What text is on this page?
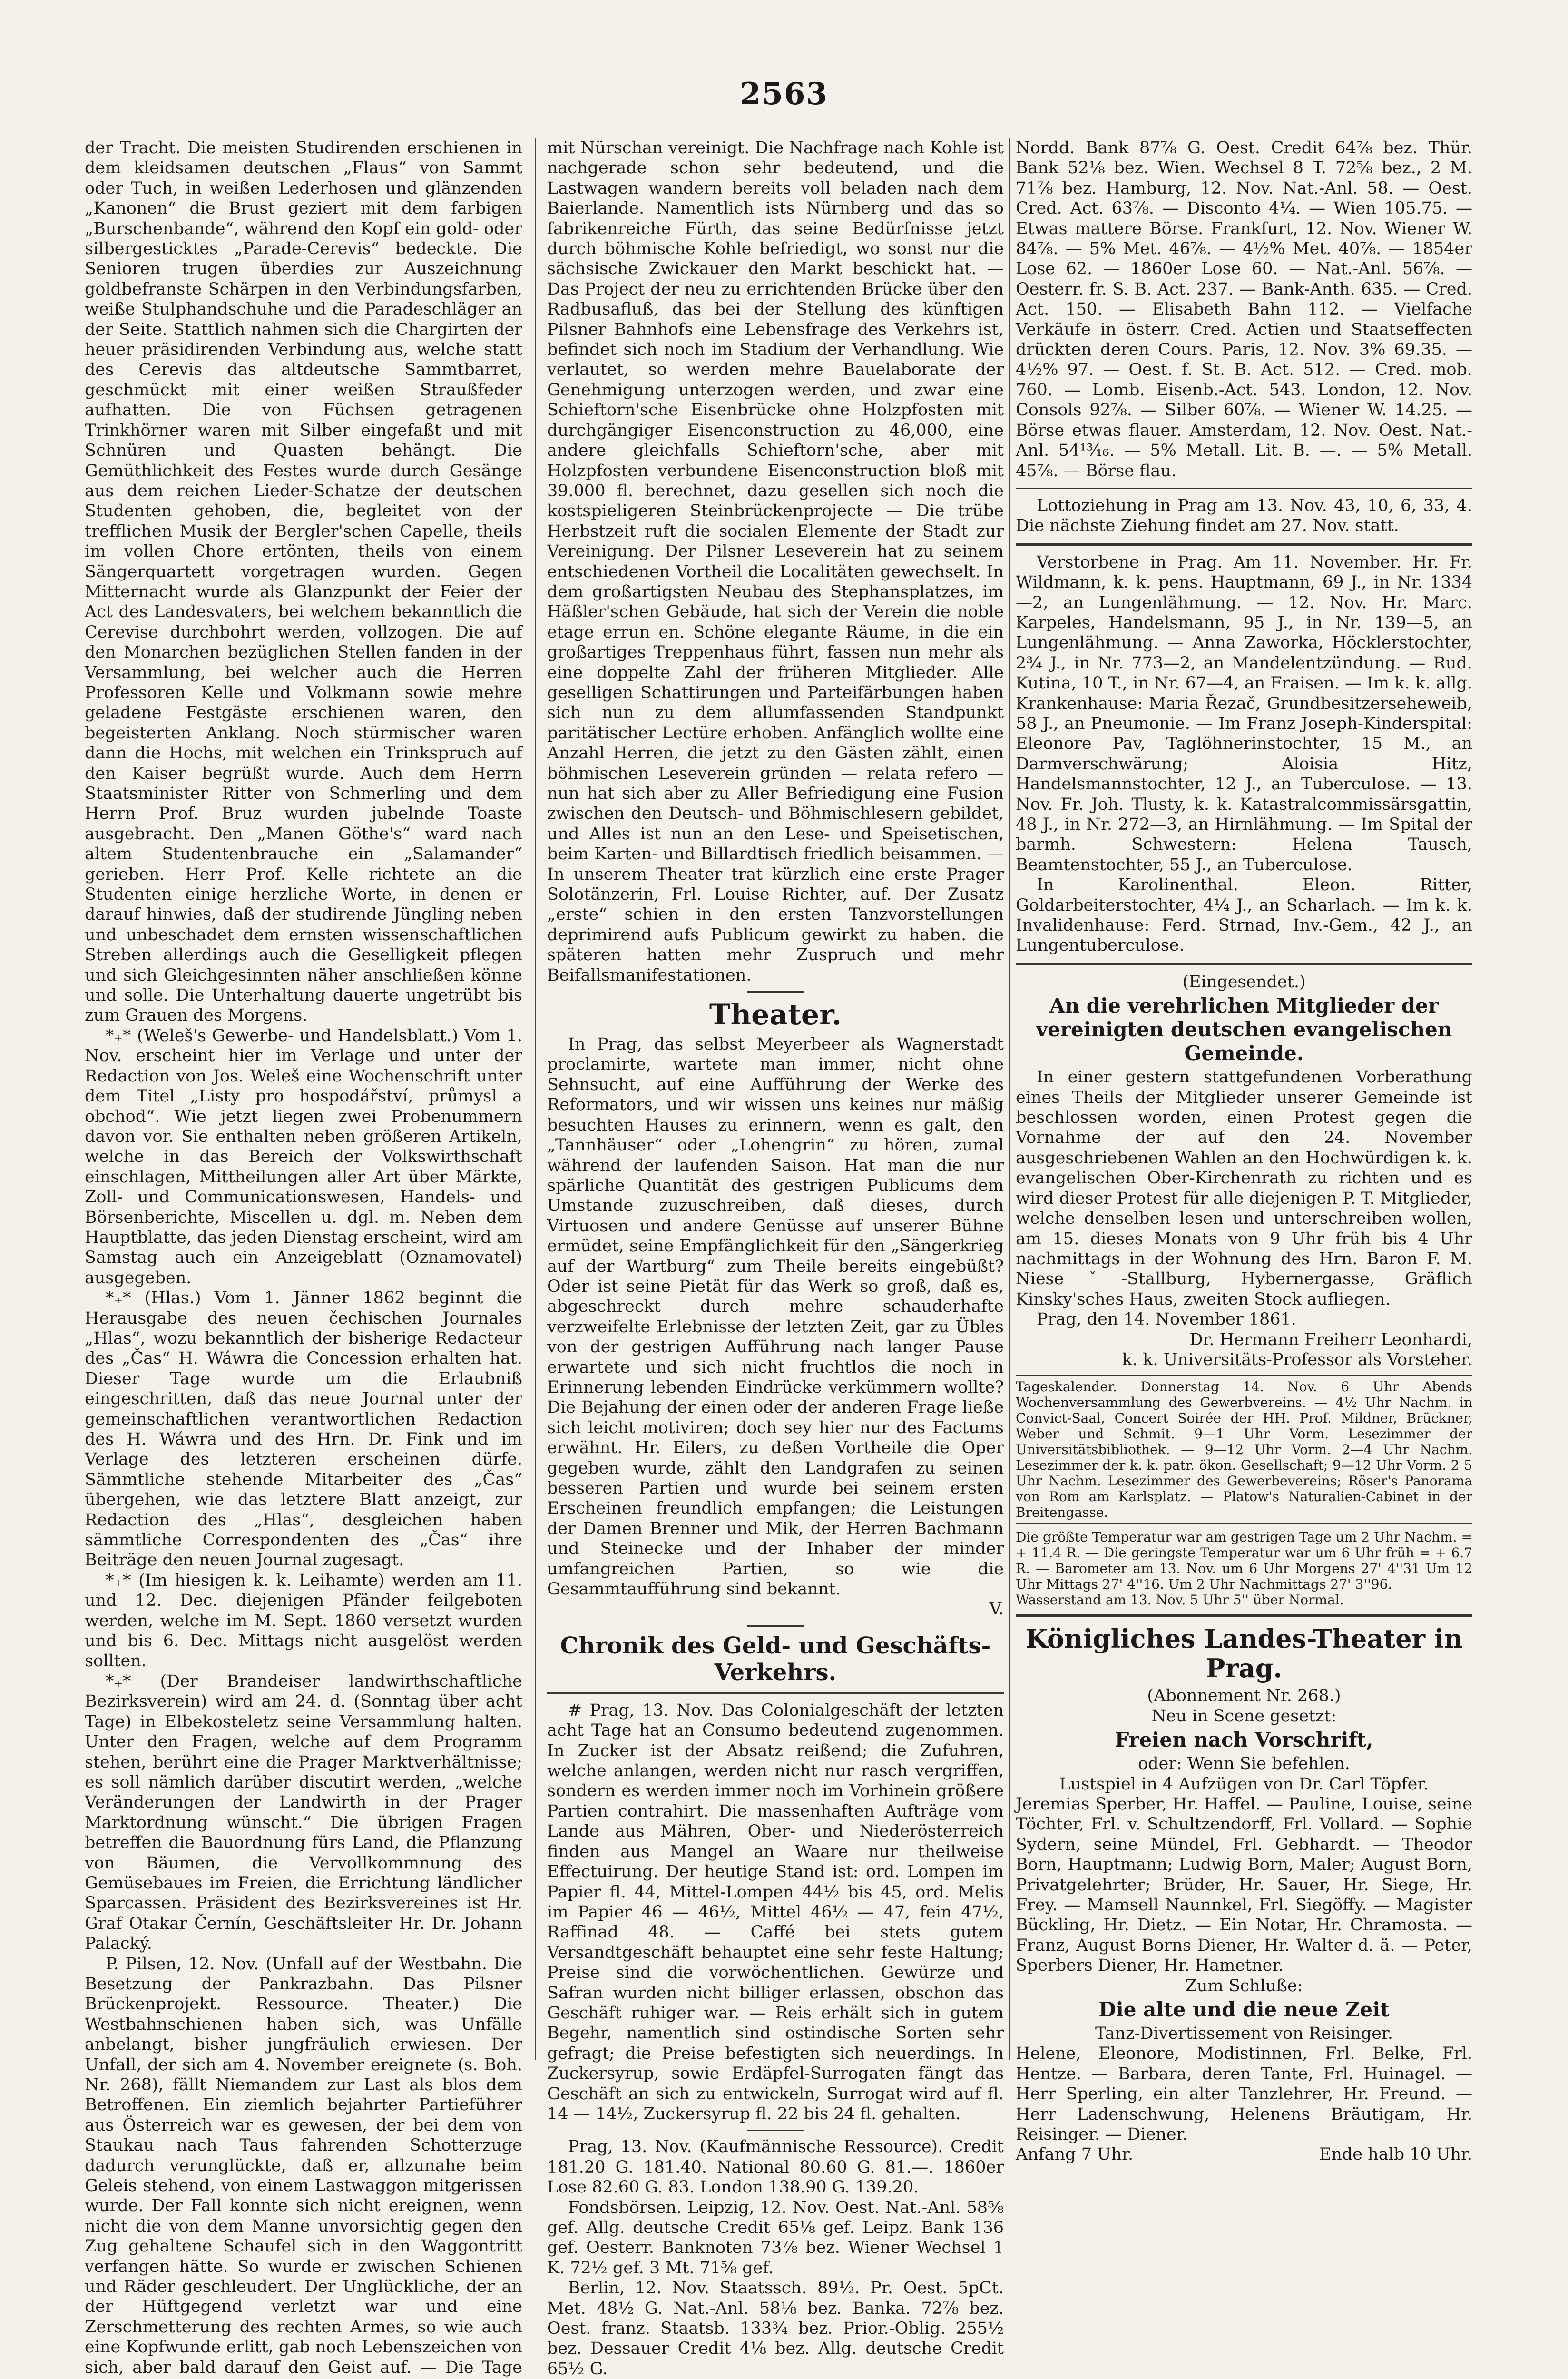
2563

der Tracht. Die meisten Studirenden erschienen in dem kleidsamen deutschen „Flaus“ von Sammt oder Tuch, in weißen Lederhosen und glänzenden „Kanonen“ die Brust geziert mit dem farbigen „Burschenbande“, während den Kopf ein gold- oder silbergesticktes „Parade-Cerevis“ bedeckte. Die Senioren trugen überdies zur Auszeichnung goldbefranste Schärpen in den Verbindungsfarben, weiße Stulphandschuhe und die Paradeschläger an der Seite. Stattlich nahmen sich die Chargirten der heuer präsidirenden Verbindung aus, welche statt des Cerevis das altdeutsche Sammtbarret, geschmückt mit einer weißen Straußfeder aufhatten. Die von Füchsen getragenen Trinkhörner waren mit Silber eingefaßt und mit Schnüren und Quasten behängt. Die Gemüthlichkeit des Festes wurde durch Gesänge aus dem reichen Lieder-Schatze der deutschen Studenten gehoben, die, begleitet von der trefflichen Musik der Bergler'schen Capelle, theils im vollen Chore ertönten, theils von einem Sängerquartett vorgetragen wurden. Gegen Mitternacht wurde als Glanzpunkt der Feier der Act des Landesvaters, bei welchem bekanntlich die Cerevise durchbohrt werden, vollzogen. Die auf den Monarchen bezüglichen Stellen fanden in der Versammlung, bei welcher auch die Herren Professoren Kelle und Volkmann sowie mehre geladene Festgäste erschienen waren, den begeisterten Anklang. Noch stürmischer waren dann die Hochs, mit welchen ein Trinkspruch auf den Kaiser begrüßt wurde. Auch dem Herrn Staatsminister Ritter von Schmerling und dem Herrn Prof. Bruz wurden jubelnde Toaste ausgebracht. Den „Manen Göthe's“ ward nach altem Studentenbrauche ein „Salamander“ gerieben. Herr Prof. Kelle richtete an die Studenten einige herzliche Worte, in denen er darauf hinwies, daß der studirende Jüngling neben und unbeschadet dem ernsten wissenschaftlichen Streben allerdings auch die Geselligkeit pflegen und sich Gleichgesinnten näher anschließen könne und solle. Die Unterhaltung dauerte ungetrübt bis zum Grauen des Morgens.

*₊* (Weleš's Gewerbe- und Handelsblatt.) Vom 1. Nov. erscheint hier im Verlage und unter der Redaction von Jos. Weleš eine Wochenschrift unter dem Titel „Listy pro hospodářství, průmysl a obchod“. Wie jetzt liegen zwei Probenummern davon vor. Sie enthalten neben größeren Artikeln, welche in das Bereich der Volkswirthschaft einschlagen, Mittheilungen aller Art über Märkte, Zoll- und Communicationswesen, Handels- und Börsenberichte, Miscellen u. dgl. m. Neben dem Hauptblatte, das jeden Dienstag erscheint, wird am Samstag auch ein Anzeigeblatt (Oznamovatel) ausgegeben.

*₊* (Hlas.) Vom 1. Jänner 1862 beginnt die Herausgabe des neuen čechischen Journales „Hlas“, wozu bekanntlich der bisherige Redacteur des „Čas“ H. Wáwra die Concession erhalten hat. Dieser Tage wurde um die Erlaubniß eingeschritten, daß das neue Journal unter der gemeinschaftlichen verantwortlichen Redaction des H. Wáwra und des Hrn. Dr. Fink und im Verlage des letzteren erscheinen dürfe. Sämmtliche stehende Mitarbeiter des „Čas“ übergehen, wie das letztere Blatt anzeigt, zur Redaction des „Hlas“, desgleichen haben sämmtliche Correspondenten des „Čas“ ihre Beiträge den neuen Journal zugesagt.

*₊* (Im hiesigen k. k. Leihamte) werden am 11. und 12. Dec. diejenigen Pfänder feilgeboten werden, welche im M. Sept. 1860 versetzt wurden und bis 6. Dec. Mittags nicht ausgelöst werden sollten.

*₊* (Der Brandeiser landwirthschaftliche Bezirksverein) wird am 24. d. (Sonntag über acht Tage) in Elbekosteletz seine Versammlung halten. Unter den Fragen, welche auf dem Programm stehen, berührt eine die Prager Marktverhältnisse; es soll nämlich darüber discutirt werden, „welche Veränderungen der Landwirth in der Prager Marktordnung wünscht.“ Die übrigen Fragen betreffen die Bauordnung fürs Land, die Pflanzung von Bäumen, die Vervollkommnung des Gemüsebaues im Freien, die Errichtung ländlicher Sparcassen. Präsident des Bezirksvereines ist Hr. Graf Otakar Černín, Geschäftsleiter Hr. Dr. Johann Palacký.

P. Pilsen, 12. Nov. (Unfall auf der Westbahn. Die Besetzung der Pankrazbahn. Das Pilsner Brückenprojekt. Ressource. Theater.) Die Westbahnschienen haben sich, was Unfälle anbelangt, bisher jungfräulich erwiesen. Der Unfall, der sich am 4. November ereignete (s. Boh. Nr. 268), fällt Niemandem zur Last als blos dem Betroffenen. Ein ziemlich bejahrter Partieführer aus Österreich war es gewesen, der bei dem von Staukau nach Taus fahrenden Schotterzuge dadurch verunglückte, daß er, allzunahe beim Geleis stehend, von einem Lastwaggon mitgerissen wurde. Der Fall konnte sich nicht ereignen, wenn nicht die von dem Manne unvorsichtig gegen den Zug gehaltene Schaufel sich in den Waggontritt verfangen hätte. So wurde er zwischen Schienen und Räder geschleudert. Der Unglückliche, der an der Hüftgegend verletzt war und eine Zerschmetterung des rechten Armes, so wie auch eine Kopfwunde erlitt, gab noch Lebenszeichen von sich, aber bald darauf den Geist auf. — Die Tage

mit Nürschan vereinigt. Die Nachfrage nach Kohle ist nachgerade schon sehr bedeutend, und die Lastwagen wandern bereits voll beladen nach dem Baierlande. Namentlich ists Nürnberg und das so fabrikenreiche Fürth, das seine Bedürfnisse jetzt durch böhmische Kohle befriedigt, wo sonst nur die sächsische Zwickauer den Markt beschickt hat. — Das Project der neu zu errichtenden Brücke über den Radbusafluß, das bei der Stellung des künftigen Pilsner Bahnhofs eine Lebensfrage des Verkehrs ist, befindet sich noch im Stadium der Verhandlung. Wie verlautet, so werden mehre Bauelaborate der Genehmigung unterzogen werden, und zwar eine Schieftorn'sche Eisenbrücke ohne Holzpfosten mit durchgängiger Eisenconstruction zu 46,000, eine andere gleichfalls Schieftorn'sche, aber mit Holzpfosten verbundene Eisenconstruction bloß mit 39.000 fl. berechnet, dazu gesellen sich noch die kostspieligeren Steinbrückenprojecte — Die trübe Herbstzeit ruft die socialen Elemente der Stadt zur Vereinigung. Der Pilsner Leseverein hat zu seinem entschiedenen Vortheil die Localitäten gewechselt. In dem großartigsten Neubau des Stephansplatzes, im Häßler'schen Gebäude, hat sich der Verein die noble etage errun en. Schöne elegante Räume, in die ein großartiges Treppenhaus führt, fassen nun mehr als eine doppelte Zahl der früheren Mitglieder. Alle geselligen Schattirungen und Parteifärbungen haben sich nun zu dem allumfassenden Standpunkt paritätischer Lectüre erhoben. Anfänglich wollte eine Anzahl Herren, die jetzt zu den Gästen zählt, einen böhmischen Leseverein gründen — relata refero — nun hat sich aber zu Aller Befriedigung eine Fusion zwischen den Deutsch- und Böhmischlesern gebildet, und Alles ist nun an den Lese- und Speisetischen, beim Karten- und Billardtisch friedlich beisammen. — In unserem Theater trat kürzlich eine erste Prager Solotänzerin, Frl. Louise Richter, auf. Der Zusatz „erste“ schien in den ersten Tanzvorstellungen deprimirend aufs Publicum gewirkt zu haben. die späteren hatten mehr Zuspruch und mehr Beifallsmanifestationen.

Theater.

In Prag, das selbst Meyerbeer als Wagnerstadt proclamirte, wartete man immer, nicht ohne Sehnsucht, auf eine Aufführung der Werke des Reformators, und wir wissen uns keines nur mäßig besuchten Hauses zu erinnern, wenn es galt, den „Tannhäuser“ oder „Lohengrin“ zu hören, zumal während der laufenden Saison. Hat man die nur spärliche Quantität des gestrigen Publicums dem Umstande zuzuschreiben, daß dieses, durch Virtuosen und andere Genüsse auf unserer Bühne ermüdet, seine Empfänglichkeit für den „Sängerkrieg auf der Wartburg“ zum Theile bereits eingebüßt? Oder ist seine Pietät für das Werk so groß, daß es, abgeschreckt durch mehre schauderhafte verzweifelte Erlebnisse der letzten Zeit, gar zu Übles von der gestrigen Aufführung nach langer Pause erwartete und sich nicht fruchtlos die noch in Erinnerung lebenden Eindrücke verkümmern wollte? Die Bejahung der einen oder der anderen Frage ließe sich leicht motiviren; doch sey hier nur des Factums erwähnt. Hr. Eilers, zu deßen Vortheile die Oper gegeben wurde, zählt den Landgrafen zu seinen besseren Partien und wurde bei seinem ersten Erscheinen freundlich empfangen; die Leistungen der Damen Brenner und Mik, der Herren Bachmann und Steinecke und der Inhaber der minder umfangreichen Partien, so wie die Gesammtaufführung sind bekannt.

V.

Chronik des Geld- und Geschäfts-Verkehrs.

# Prag, 13. Nov. Das Colonialgeschäft der letzten acht Tage hat an Consumo bedeutend zugenommen. In Zucker ist der Absatz reißend; die Zufuhren, welche anlangen, werden nicht nur rasch vergriffen, sondern es werden immer noch im Vorhinein größere Partien contrahirt. Die massenhaften Aufträge vom Lande aus Mähren, Ober- und Niederösterreich finden aus Mangel an Waare nur theilweise Effectuirung. Der heutige Stand ist: ord. Lompen im Papier fl. 44, Mittel-Lompen 44½ bis 45, ord. Melis im Papier 46 — 46½, Mittel 46½ — 47, fein 47½, Raffinad 48. — Caffé bei stets gutem Versandtgeschäft behauptet eine sehr feste Haltung; Preise sind die vorwöchentlichen. Gewürze und Safran wurden nicht billiger erlassen, obschon das Geschäft ruhiger war. — Reis erhält sich in gutem Begehr, namentlich sind ostindische Sorten sehr gefragt; die Preise befestigten sich neuerdings. In Zuckersyrup, sowie Erdäpfel-Surrogaten fängt das Geschäft an sich zu entwickeln, Surrogat wird auf fl. 14 — 14½, Zuckersyrup fl. 22 bis 24 fl. gehalten.

Prag, 13. Nov. (Kaufmännische Ressource). Credit 181.20 G. 181.40. National 80.60 G. 81.—. 1860er Lose 82.60 G. 83. London 138.90 G. 139.20.

Fondsbörsen. Leipzig, 12. Nov. Oest. Nat.-Anl. 58⅝ gef. Allg. deutsche Credit 65⅛ gef. Leipz. Bank 136 gef. Oesterr. Banknoten 73⅞ bez. Wiener Wechsel 1 K. 72½ gef. 3 Mt. 71⅝ gef.

Berlin, 12. Nov. Staatssch. 89½. Pr. Oest. 5pCt. Met. 48½ G. Nat.-Anl. 58⅛ bez. Banka. 72⅞ bez. Oest. franz. Staatsb. 133¾ bez. Prior.-Oblig. 255½ bez. Dessauer Credit 4⅛ bez. Allg. deutsche Credit 65½ G.

Nordd. Bank 87⅞ G. Oest. Credit 64⅞ bez. Thür. Bank 52⅛ bez. Wien. Wechsel 8 T. 72⅝ bez., 2 M. 71⅞ bez. Hamburg, 12. Nov. Nat.-Anl. 58. — Oest. Cred. Act. 63⅞. — Disconto 4¼. — Wien 105.75. — Etwas mattere Börse. Frankfurt, 12. Nov. Wiener W. 84⅞. — 5% Met. 46⅞. — 4½% Met. 40⅞. — 1854er Lose 62. — 1860er Lose 60. — Nat.-Anl. 56⅞. — Oesterr. fr. S. B. Act. 237. — Bank-Anth. 635. — Cred. Act. 150. — Elisabeth Bahn 112. — Vielfache Verkäufe in österr. Cred. Actien und Staatseffecten drückten deren Cours. Paris, 12. Nov. 3% 69.35. — 4½% 97. — Oest. f. St. B. Act. 512. — Cred. mob. 760. — Lomb. Eisenb.-Act. 543. London, 12. Nov. Consols 92⅞. — Silber 60⅞. — Wiener W. 14.25. — Börse etwas flauer. Amsterdam, 12. Nov. Oest. Nat.-Anl. 54¹³⁄₁₆. — 5% Metall. Lit. B. —. — 5% Metall. 45⅞. — Börse flau.

Lottoziehung in Prag am 13. Nov. 43, 10, 6, 33, 4. Die nächste Ziehung findet am 27. Nov. statt.

Verstorbene in Prag. Am 11. November. Hr. Fr. Wildmann, k. k. pens. Hauptmann, 69 J., in Nr. 1334—2, an Lungenlähmung. — 12. Nov. Hr. Marc. Karpeles, Handelsmann, 95 J., in Nr. 139—5, an Lungenlähmung. — Anna Zaworka, Höcklerstochter, 2¾ J., in Nr. 773—2, an Mandelentzündung. — Rud. Kutina, 10 T., in Nr. 67—4, an Fraisen. — Im k. k. allg. Krankenhause: Maria Řezač, Grundbesitzerseheweib, 58 J., an Pneumonie. — Im Franz Joseph-Kinderspital: Eleonore Pav, Taglöhnerinstochter, 15 M., an Darmverschwärung; Aloisia Hitz, Handelsmannstochter, 12 J., an Tuberculose. — 13. Nov. Fr. Joh. Tlusty, k. k. Katastralcommissärsgattin, 48 J., in Nr. 272—3, an Hirnlähmung. — Im Spital der barmh. Schwestern: Helena Tausch, Beamtenstochter, 55 J., an Tuberculose.

In Karolinenthal. Eleon. Ritter, Goldarbeiterstochter, 4¼ J., an Scharlach. — Im k. k. Invalidenhause: Ferd. Strnad, Inv.-Gem., 42 J., an Lungentuberculose.

(Eingesendet.)

An die verehrlichen Mitglieder der vereinigten deutschen evangelischen Gemeinde.

In einer gestern stattgefundenen Vorberathung eines Theils der Mitglieder unserer Gemeinde ist beschlossen worden, einen Protest gegen die Vornahme der auf den 24. November ausgeschriebenen Wahlen an den Hochwürdigen k. k. evangelischen Ober-Kirchenrath zu richten und es wird dieser Protest für alle diejenigen P. T. Mitglieder, welche denselben lesen und unterschreiben wollen, am 15. dieses Monats von 9 Uhr früh bis 4 Uhr nachmittags in der Wohnung des Hrn. Baron F. M. Nieseˇ-Stallburg, Hybernergasse, Gräflich Kinsky'sches Haus, zweiten Stock aufliegen.

Prag, den 14. November 1861.

Dr. Hermann Freiherr Leonhardi,

k. k. Universitäts-Professor als Vorsteher.

Tageskalender. Donnerstag 14. Nov. 6 Uhr Abends Wochenversammlung des Gewerbvereins. — 4½ Uhr Nachm. in Convict-Saal, Concert Soirée der HH. Prof. Mildner, Brückner, Weber und Schmit. 9—1 Uhr Vorm. Lesezimmer der Universitätsbibliothek. — 9—12 Uhr Vorm. 2—4 Uhr Nachm. Lesezimmer der k. k. patr. ökon. Gesellschaft; 9—12 Uhr Vorm. 2 5 Uhr Nachm. Lesezimmer des Gewerbevereins; Röser's Panorama von Rom am Karlsplatz. — Platow's Naturalien-Cabinet in der Breitengasse.

Die größte Temperatur war am gestrigen Tage um 2 Uhr Nachm. = + 11.4 R. — Die geringste Temperatur war um 6 Uhr früh = + 6.7 R. — Barometer am 13. Nov. um 6 Uhr Morgens 27' 4''31 Um 12 Uhr Mittags 27' 4''16. Um 2 Uhr Nachmittags 27' 3''96.

Wasserstand am 13. Nov. 5 Uhr 5'' über Normal.

Königliches Landes-Theater in Prag.

(Abonnement Nr. 268.)

Neu in Scene gesetzt:

Freien nach Vorschrift,

oder: Wenn Sie befehlen.

Lustspiel in 4 Aufzügen von Dr. Carl Töpfer.

Jeremias Sperber, Hr. Haffel. — Pauline, Louise, seine Töchter, Frl. v. Schultzendorff, Frl. Vollard. — Sophie Sydern, seine Mündel, Frl. Gebhardt. — Theodor Born, Hauptmann; Ludwig Born, Maler; August Born, Privatgelehrter; Brüder, Hr. Sauer, Hr. Siege, Hr. Frey. — Mamsell Naunnkel, Frl. Siegöffy. — Magister Bückling, Hr. Dietz. — Ein Notar, Hr. Chramosta. — Franz, August Borns Diener, Hr. Walter d. ä. — Peter, Sperbers Diener, Hr. Hametner.

Zum Schluße:

Die alte und die neue Zeit

Tanz-Divertissement von Reisinger.

Helene, Eleonore, Modistinnen, Frl. Belke, Frl. Hentze. — Barbara, deren Tante, Frl. Huinagel. — Herr Sperling, ein alter Tanzlehrer, Hr. Freund. — Herr Ladenschwung, Helenens Bräutigam, Hr. Reisinger. — Diener.

Anfang 7 Uhr.	Ende halb 10 Uhr.
